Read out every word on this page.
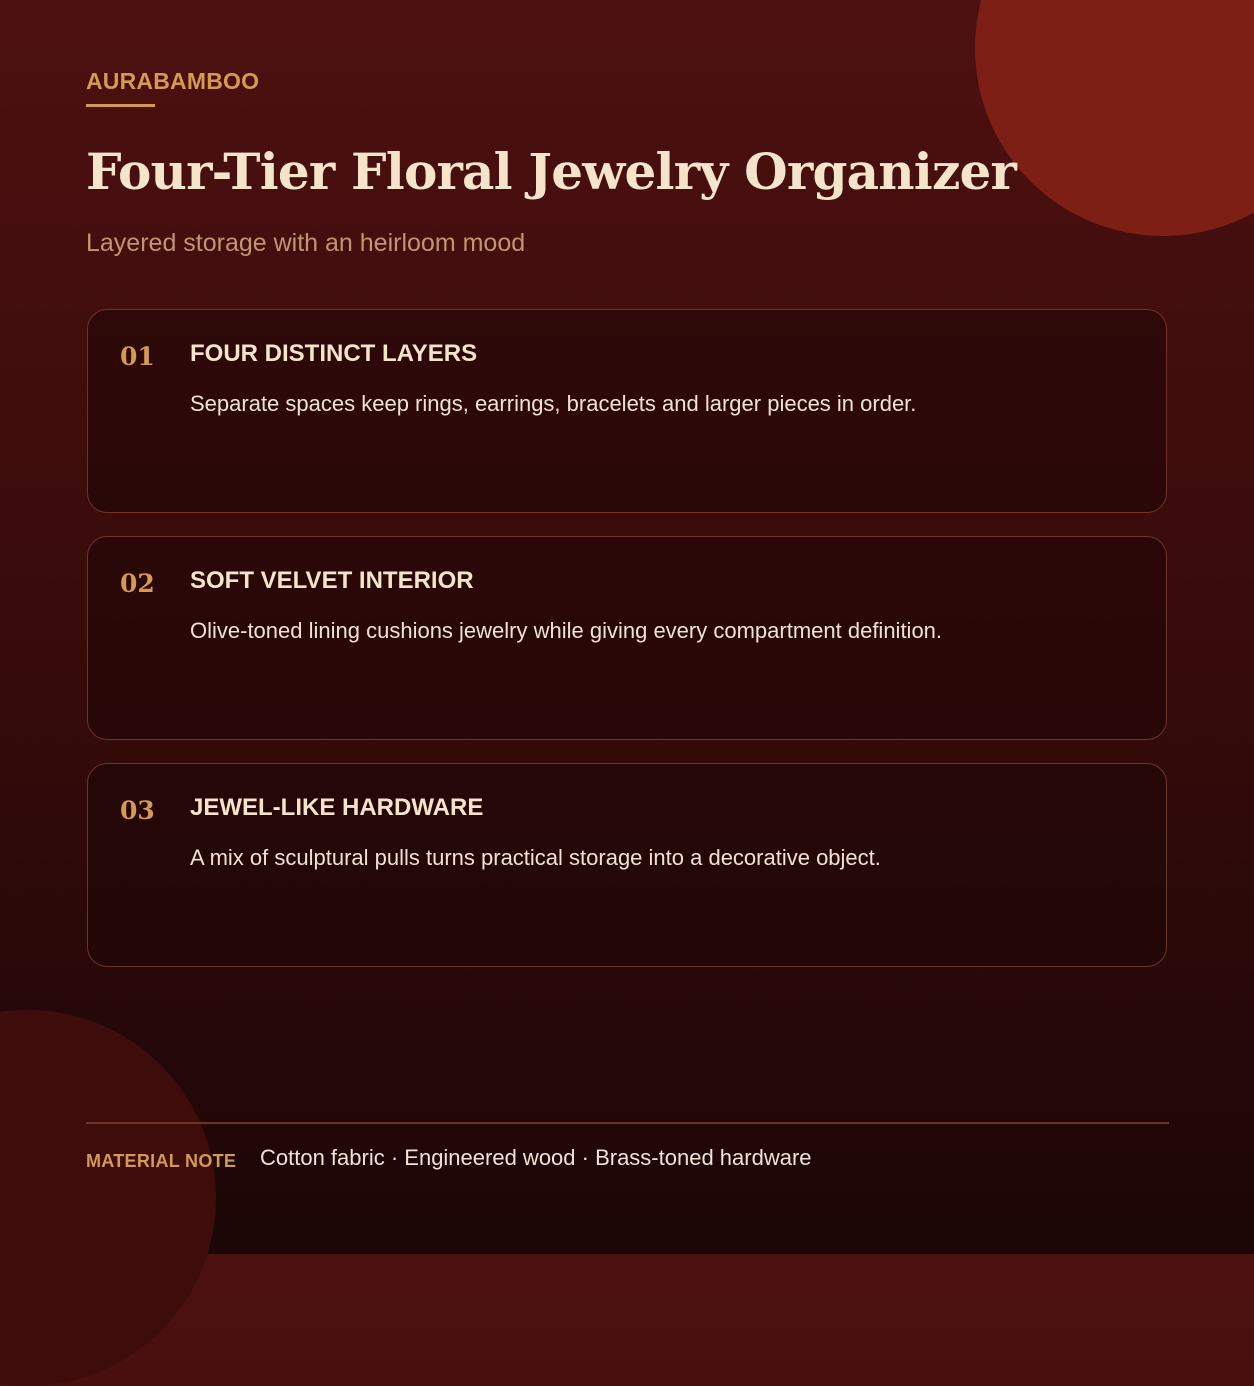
AURABAMBOO
Four-Tier Floral Jewelry Organizer
Layered storage with an heirloom mood
01 FOUR DISTINCT LAYERS
Separate spaces keep rings, earrings, bracelets and larger pieces in order.
02 SOFT VELVET INTERIOR
Olive-toned lining cushions jewelry while giving every compartment definition.
03 JEWEL-LIKE HARDWARE
A mix of sculptural pulls turns practical storage into a decorative object.
MATERIAL NOTE Cotton fabric · Engineered wood · Brass-toned hardware
